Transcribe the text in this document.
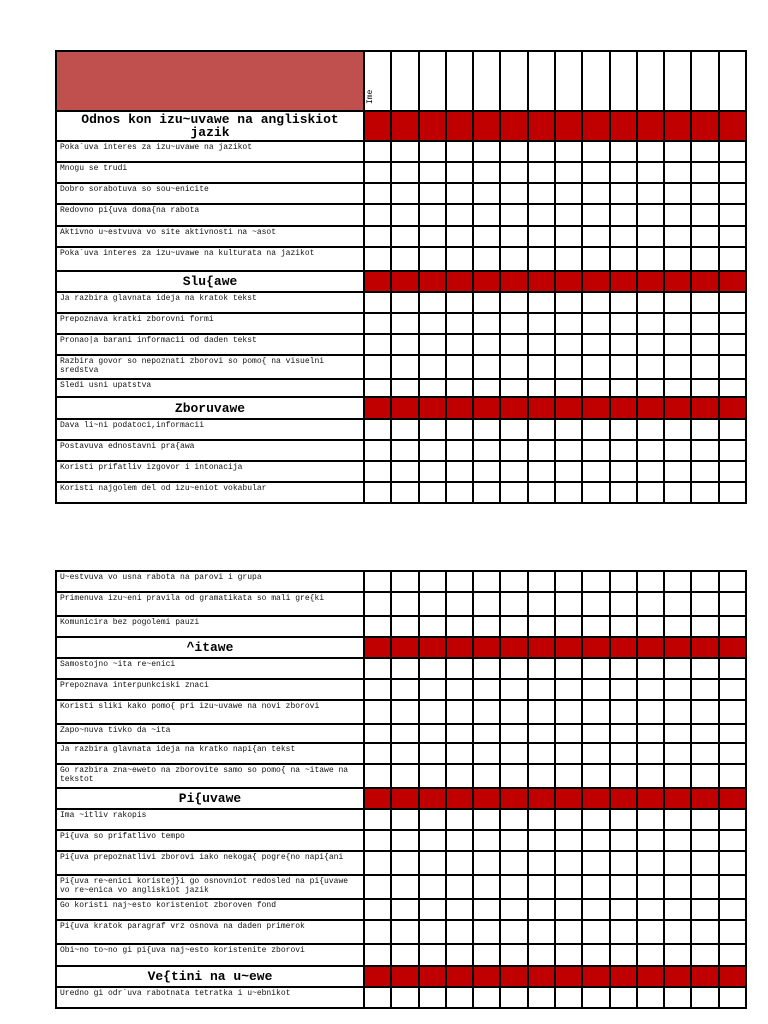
	Ime													

Odnos kon izu~uvawe na angliskiot jazik														
Poka`uva interes za izu~uvawe na jazikot														
Mnogu se trudi														
Dobro sorabotuva so sou~enicite														
Redovno pi{uva doma{na rabota														
Aktivno u~estvuva vo site aktivnosti na ~asot														
Poka`uva interes za izu~uvawe na kulturata na jazikot														
Slu{awe														
Ja razbira glavnata ideja na kratok tekst														
Prepoznava kratki zborovni formi														
Pronao|a barani informacii od daden tekst														
Razbira govor so nepoznati zborovi so pomo{ na visuelni sredstva														
Sledi usni upatstva														
Zboruvawe														
Dava li~ni podatoci,informacii														
Postavuva ednostavni pra{awa														
Koristi prifatliv izgovor i intonacija														
Koristi najgolem del od izu~eniot vokabular														
U~estvuva vo usna rabota na parovi i grupa														
Primenuva izu~eni pravila od gramatikata so mali gre{ki														
Komunicira bez pogolemi pauzi														
^itawe														
Samostojno ~ita re~enici														
Prepoznava interpunkciski znaci														
Koristi sliki kako pomo{ pri izu~uvawe na novi zborovi														
Zapo~nuva tivko da ~ita														
Ja razbira glavnata ideja na kratko napi{an tekst														
Go razbira zna~eweto na zborovite samo so pomo{ na ~itawe na tekstot														
Pi{uvawe														
Ima ~itliv rakopis														
Pi{uva so prifatlivo tempo														
Pi{uva prepoznatlivi zborovi iako nekoga{ pogre{no napi{ani														
Pi{uva re~enici koristej}i go osnovniot redosled na pi{uvawe vo re~enica vo angliskiot jazik														
Go koristi naj~esto koristeniot zboroven fond														
Pi{uva kratok paragraf vrz osnova na daden primerok														
Obi~no to~no gi pi{uva naj~esto koristenite zborovi														
Ve{tini na u~ewe														
Uredno gi odr`uva rabotnata tetratka i u~ebnikot														
